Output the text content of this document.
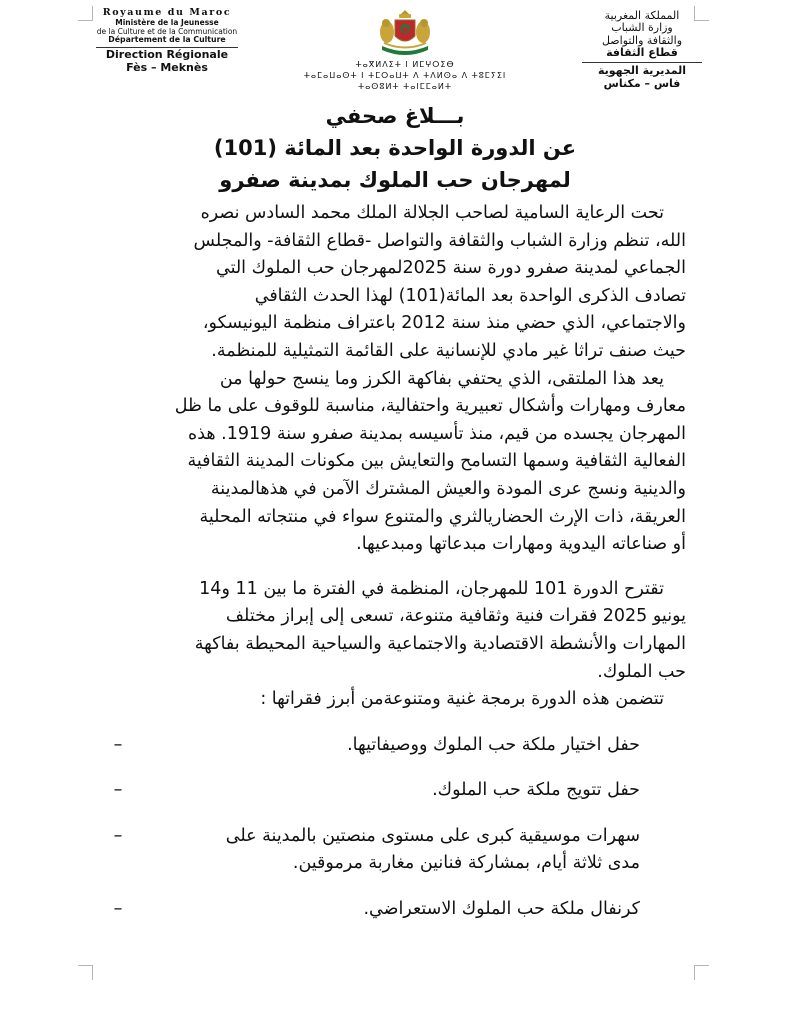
Royaume du Maroc
Ministère de la Jeunesse
de la Culture et de la Communication
Département de la Culture
Direction Régionale
Fès – Meknès	ⵜⴰⴳⵍⴷⵉⵜ ⵏ ⵍⵎⵖⵔⵉⴱ
ⵜⴰⵎⴰⵡⴰⵙⵜ ⵏ ⵜⵎⵔⴰⵡⵜ ⴷ ⵜⴷⵍⵙⴰ ⴷ ⵜⵓⵎⵢⵉⵏ
ⵜⴰⵙⵓⵍⵜ ⵜⴰⵏⵎⵎⴰⵍⵜ
المملكة المغربية
وزارة الشباب
والثقافة والتواصل
قطاع الثقافة
المديرية الجهوية
فاس – مكناس
بـــلاغ صحفي
عن الدورة الواحدة بعد المائة (101)
لمهرجان حب الملوك بمدينة صفرو
تحت الرعاية السامية لصاحب الجلالة الملك محمد السادس نصره
الله، تنظم وزارة الشباب والثقافة والتواصل -قطاع الثقافة- والمجلس
الجماعي لمدينة صفرو دورة سنة 2025لمهرجان حب الملوك التي
تصادف الذكرى الواحدة بعد المائة(101) لهذا الحدث الثقافي
والاجتماعي، الذي حضي منذ سنة 2012 باعتراف منظمة اليونيسكو،
حيث صنف تراثا غير مادي للإنسانية على القائمة التمثيلية للمنظمة.
يعد هذا الملتقى، الذي يحتفي بفاكهة الكرز وما ينسج حولها من
معارف ومهارات وأشكال تعبيرية واحتفالية، مناسبة للوقوف على ما ظل
المهرجان يجسده من قيم، منذ تأسيسه بمدينة صفرو سنة 1919. هذه
الفعالية الثقافية وسمها التسامح والتعايش بين مكونات المدينة الثقافية
والدينية ونسج عرى المودة والعيش المشترك الآمن في هذهالمدينة
العريقة، ذات الإرث الحضاريالثري والمتنوع سواء في منتجاته المحلية
أو صناعاته اليدوية ومهارات مبدعاتها ومبدعيها.
تقترح الدورة 101 للمهرجان، المنظمة في الفترة ما بين 11 و14
يونيو 2025 فقرات فنية وثقافية متنوعة، تسعى إلى إبراز مختلف
المهارات والأنشطة الاقتصادية والاجتماعية والسياحية المحيطة بفاكهة
حب الملوك.
تتضمن هذه الدورة برمجة غنية ومتنوعةمن أبرز فقراتها :
حفل اختيار ملكة حب الملوك ووصيفاتيها.
–
حفل تتويج ملكة حب الملوك.
–
سهرات موسيقية كبرى على مستوى منصتين بالمدينة على
مدى ثلاثة أيام، بمشاركة فنانين مغاربة مرموقين.
–
كرنفال ملكة حب الملوك الاستعراضي.
–
